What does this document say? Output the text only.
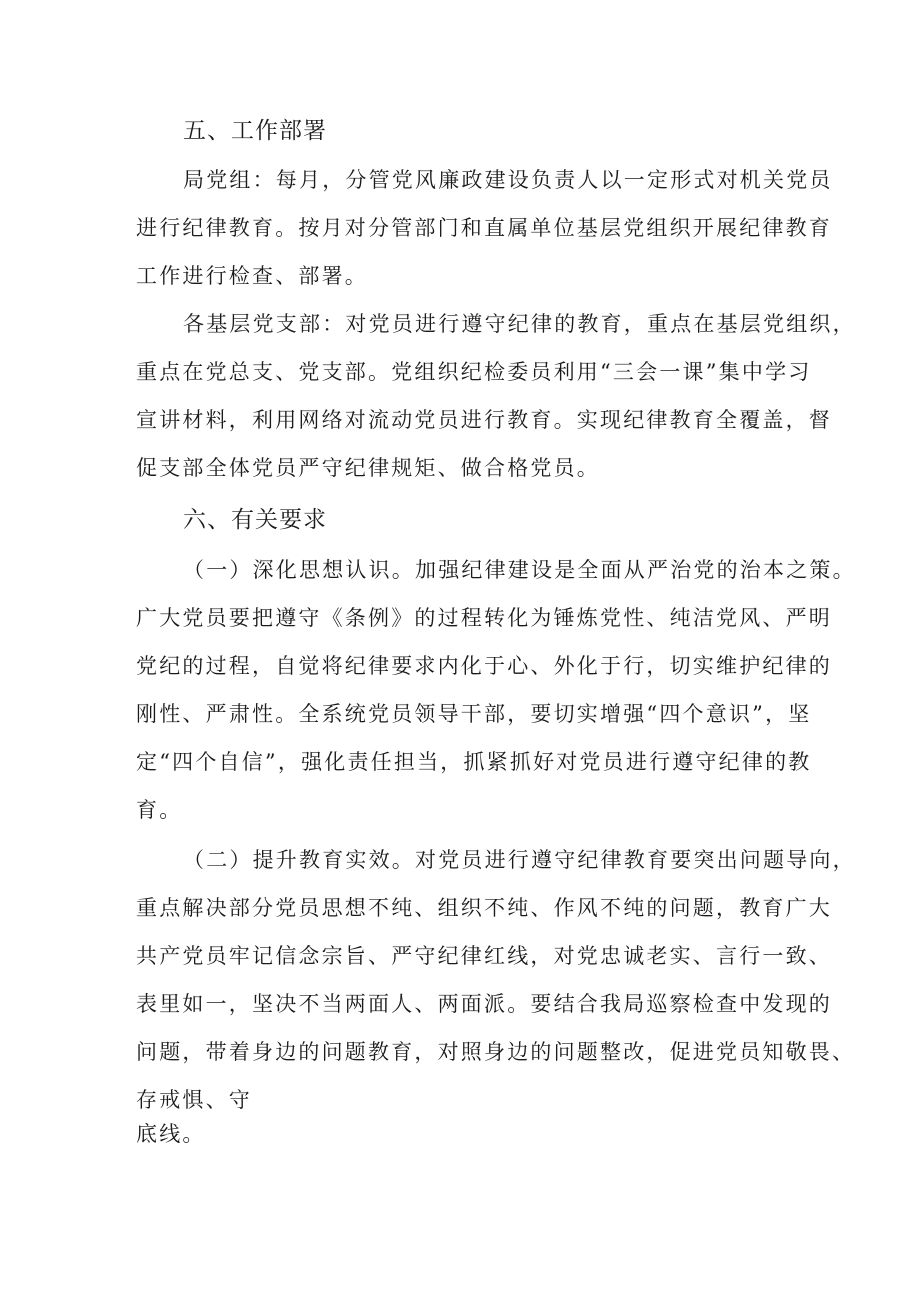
五、工作部署
局党组：每月，分管党风廉政建设负责人以一定形式对机关党员
进行纪律教育。按月对分管部门和直属单位基层党组织开展纪律教育
工作进行检查、部署。
各基层党支部：对党员进行遵守纪律的教育，重点在基层党组织，
重点在党总支、党支部。党组织纪检委员利用“三会一课”集中学习
宣讲材料，利用网络对流动党员进行教育。实现纪律教育全覆盖，督
促支部全体党员严守纪律规矩、做合格党员。
六、有关要求
（一）深化思想认识。加强纪律建设是全面从严治党的治本之策。
广大党员要把遵守《条例》的过程转化为锤炼党性、纯洁党风、严明
党纪的过程，自觉将纪律要求内化于心、外化于行，切实维护纪律的
刚性、严肃性。全系统党员领导干部，要切实增强“四个意识”，坚
定“四个自信”，强化责任担当，抓紧抓好对党员进行遵守纪律的教
育。
（二）提升教育实效。对党员进行遵守纪律教育要突出问题导向，
重点解决部分党员思想不纯、组织不纯、作风不纯的问题，教育广大
共产党员牢记信念宗旨、严守纪律红线，对党忠诚老实、言行一致、
表里如一，坚决不当两面人、两面派。要结合我局巡察检查中发现的
问题，带着身边的问题教育，对照身边的问题整改，促进党员知敬畏、
存戒惧、守
底线。
